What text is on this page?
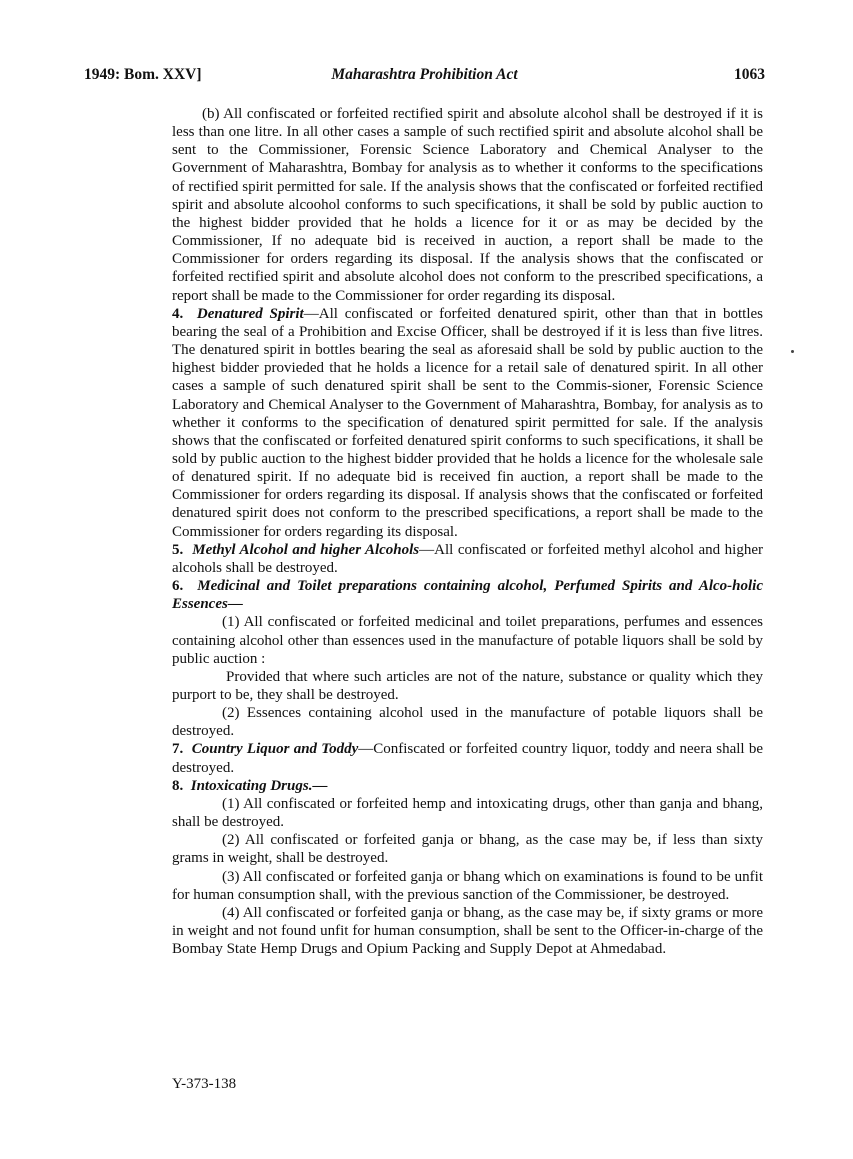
1949: Bom. XXV]	Maharashtra Prohibition Act	1063

(b) All confiscated or forfeited rectified spirit and absolute alcohol shall be destroyed if it is less than one litre. In all other cases a sample of such rectified spirit and absolute alcohol shall be sent to the Commissioner, Forensic Science Laboratory and Chemical Analyser to the Government of Maharashtra, Bombay for analysis as to whether it conforms to the specifications of rectified spirit permitted for sale. If the analysis shows that the confiscated or forfeited rectified spirit and absolute alcoohol conforms to such specifications, it shall be sold by public auction to the highest bidder provided that he holds a licence for it or as may be decided by the Commissioner, If no adequate bid is received in auction, a report shall be made to the Commissioner for orders regarding its disposal. If the analysis shows that the confiscated or forfeited rectified spirit and absolute alcohol does not conform to the prescribed specifications, a report shall be made to the Commissioner for order regarding its disposal.

4. Denatured Spirit—All confiscated or forfeited denatured spirit, other than that in bottles bearing the seal of a Prohibition and Excise Officer, shall be destroyed if it is less than five litres. The denatured spirit in bottles bearing the seal as aforesaid shall be sold by public auction to the highest bidder provieded that he holds a licence for a retail sale of denatured spirit. In all other cases a sample of such denatured spirit shall be sent to the Commis-sioner, Forensic Science Laboratory and Chemical Analyser to the Government of Maharashtra, Bombay, for analysis as to whether it conforms to the specification of denatured spirit permitted for sale. If the analysis shows that the confiscated or forfeited denatured spirit conforms to such specifications, it shall be sold by public auction to the highest bidder provided that he holds a licence for the wholesale sale of denatured spirit. If no adequate bid is received fin auction, a report shall be made to the Commissioner for orders regarding its disposal. If analysis shows that the confiscated or forfeited denatured spirit does not conform to the prescribed specifications, a report shall be made to the Commissioner for orders regarding its disposal.

5. Methyl Alcohol and higher Alcohols—All confiscated or forfeited methyl alcohol and higher alcohols shall be destroyed.

6. Medicinal and Toilet preparations containing alcohol, Perfumed Spirits and Alco-holic Essences—

(1) All confiscated or forfeited medicinal and toilet preparations, perfumes and essences containing alcohol other than essences used in the manufacture of potable liquors shall be sold by public auction :

Provided that where such articles are not of the nature, substance or quality which they purport to be, they shall be destroyed.

(2) Essences containing alcohol used in the manufacture of potable liquors shall be destroyed.

7. Country Liquor and Toddy—Confiscated or forfeited country liquor, toddy and neera shall be destroyed.

8. Intoxicating Drugs.—

(1) All confiscated or forfeited hemp and intoxicating drugs, other than ganja and bhang, shall be destroyed.

(2) All confiscated or forfeited ganja or bhang, as the case may be, if less than sixty grams in weight, shall be destroyed.

(3) All confiscated or forfeited ganja or bhang which on examinations is found to be unfit for human consumption shall, with the previous sanction of the Commissioner, be destroyed.

(4) All confiscated or forfeited ganja or bhang, as the case may be, if sixty grams or more in weight and not found unfit for human consumption, shall be sent to the Officer-in-charge of the Bombay State Hemp Drugs and Opium Packing and Supply Depot at Ahmedabad.

Y-373-138
